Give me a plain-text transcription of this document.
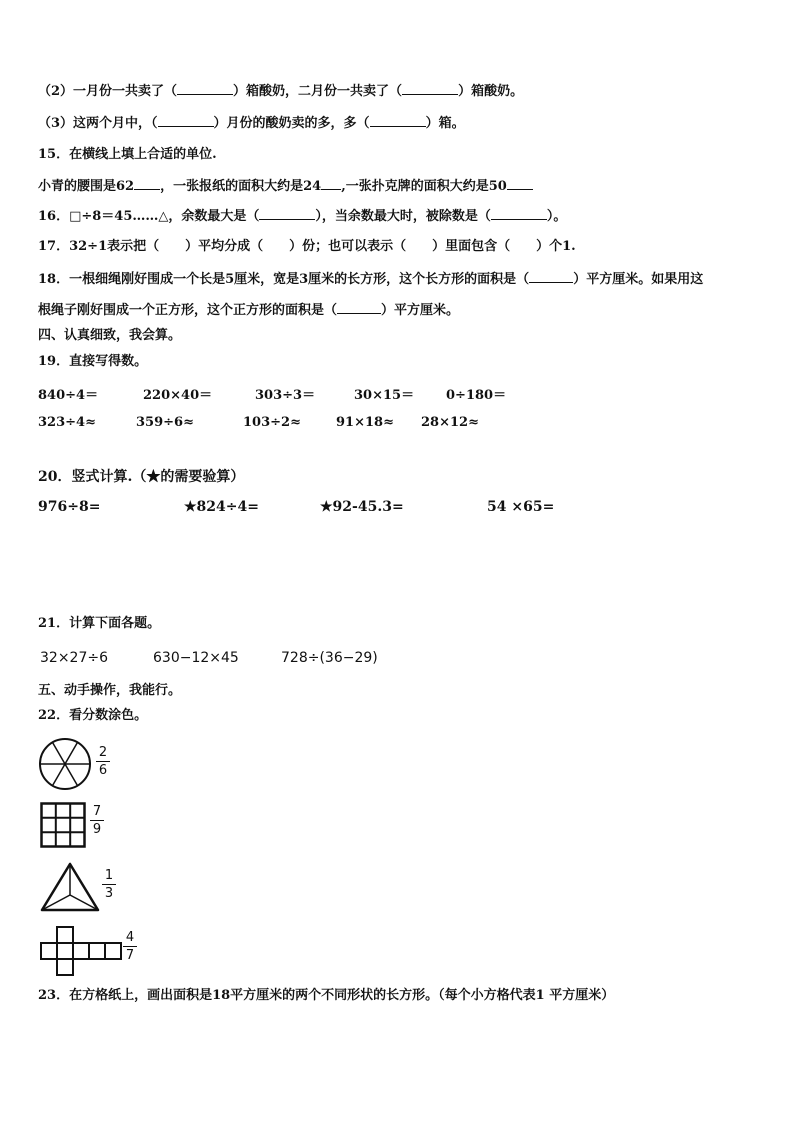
（2）一月份一共卖了（	）箱酸奶，二月份一共卖了（	）箱酸奶。
（3）这两个月中，（	）月份的酸奶卖的多，多（	）箱。
15．在横线上填上合适的单位.
小青的腰围是62 ，一张报纸的面积大约是24 ,一张扑克牌的面积大约是50
16．□÷8＝45……△，余数最大是（	），当余数最大时，被除数是（	）。
17．32÷1表示把（　　）平均分成（　　）份；也可以表示（　　）里面包含（　　）个1.
18．一根细绳刚好围成一个长是5厘米，宽是3厘米的长方形，这个长方形的面积是（	）平方厘米。如果用这
根绳子刚好围成一个正方形，这个正方形的面积是（	）平方厘米。
四、认真细致，我会算。
19．直接写得数。
840÷4＝	220×40＝	303÷3＝	30×15＝ 0÷180＝
323÷4≈	359÷6≈	103÷2≈	91×18≈ 28×12≈
20．竖式计算.（★的需要验算）
976÷8=	★824÷4=	★92-45.3=	54 ×65=
21．计算下面各题。
32×27÷6	630−12×45	728÷(36−29)
五、动手操作，我能行。
22．看分数涂色。
2
6
7
9
1
3
4
7
23．在方格纸上，画出面积是18平方厘米的两个不同形状的长方形。（每个小方格代表1 平方厘米）
